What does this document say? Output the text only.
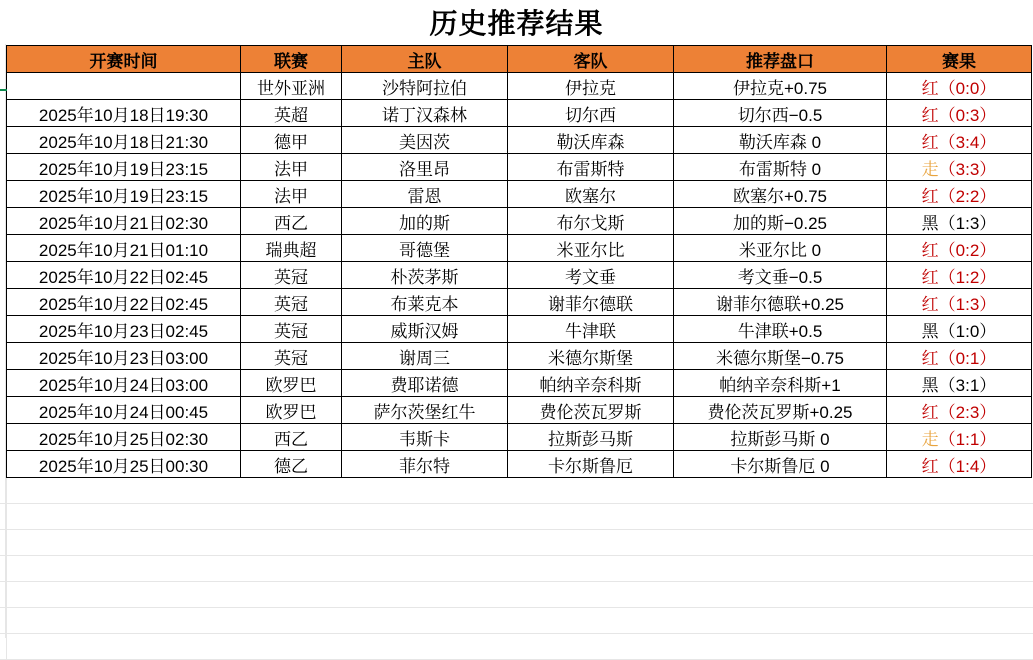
历史推荐结果
开赛时间	联赛	主队	客队	推荐盘口	赛果
	世外亚洲	沙特阿拉伯	伊拉克	伊拉克+0.75	红（0:0）
2025年10月18日19:30	英超	诺丁汉森林	切尔西	切尔西−0.5	红（0:3）
2025年10月18日21:30	德甲	美因茨	勒沃库森	勒沃库森 0	红（3:4）
2025年10月19日23:15	法甲	洛里昂	布雷斯特	布雷斯特 0	走（3:3）
2025年10月19日23:15	法甲	雷恩	欧塞尔	欧塞尔+0.75	红（2:2）
2025年10月21日02:30	西乙	加的斯	布尔戈斯	加的斯−0.25	黑（1:3）
2025年10月21日01:10	瑞典超	哥德堡	米亚尔比	米亚尔比 0	红（0:2）
2025年10月22日02:45	英冠	朴茨茅斯	考文垂	考文垂−0.5	红（1:2）
2025年10月22日02:45	英冠	布莱克本	谢菲尔德联	谢菲尔德联+0.25	红（1:3）
2025年10月23日02:45	英冠	威斯汉姆	牛津联	牛津联+0.5	黑（1:0）
2025年10月23日03:00	英冠	谢周三	米德尔斯堡	米德尔斯堡−0.75	红（0:1）
2025年10月24日03:00	欧罗巴	费耶诺德	帕纳辛奈科斯	帕纳辛奈科斯+1	黑（3:1）
2025年10月24日00:45	欧罗巴	萨尔茨堡红牛	费伦茨瓦罗斯	费伦茨瓦罗斯+0.25	红（2:3）
2025年10月25日02:30	西乙	韦斯卡	拉斯彭马斯	拉斯彭马斯 0	走（1:1）
2025年10月25日00:30	德乙	菲尔特	卡尔斯鲁厄	卡尔斯鲁厄 0	红（1:4）
